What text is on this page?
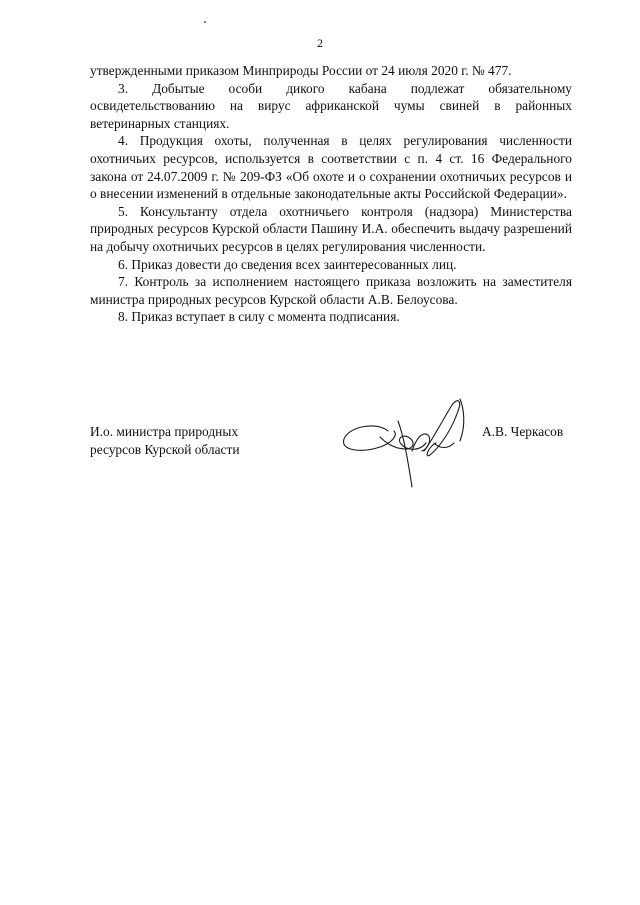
2

утвержденными приказом Минприроды России от 24 июля 2020 г. № 477.

3. Добытые особи дикого кабана подлежат обязательному освидетельствованию на вирус африканской чумы свиней в районных ветеринарных станциях.

4. Продукция охоты, полученная в целях регулирования численности охотничьих ресурсов, используется в соответствии с п. 4 ст. 16 Федерального закона от 24.07.2009 г. № 209-ФЗ «Об охоте и о сохранении охотничьих ресурсов и о внесении изменений в отдельные законодательные акты Российской Федерации».

5. Консультанту отдела охотничьего контроля (надзора) Министерства природных ресурсов Курской области Пашину И.А. обеспечить выдачу разрешений на добычу охотничьих ресурсов в целях регулирования численности.

6. Приказ довести до сведения всех заинтересованных лиц.

7. Контроль за исполнением настоящего приказа возложить на заместителя министра природных ресурсов Курской области А.В. Белоусова.

8. Приказ вступает в силу с момента подписания.

И.о. министра природных
ресурсов Курской области
А.В. Черкасов
